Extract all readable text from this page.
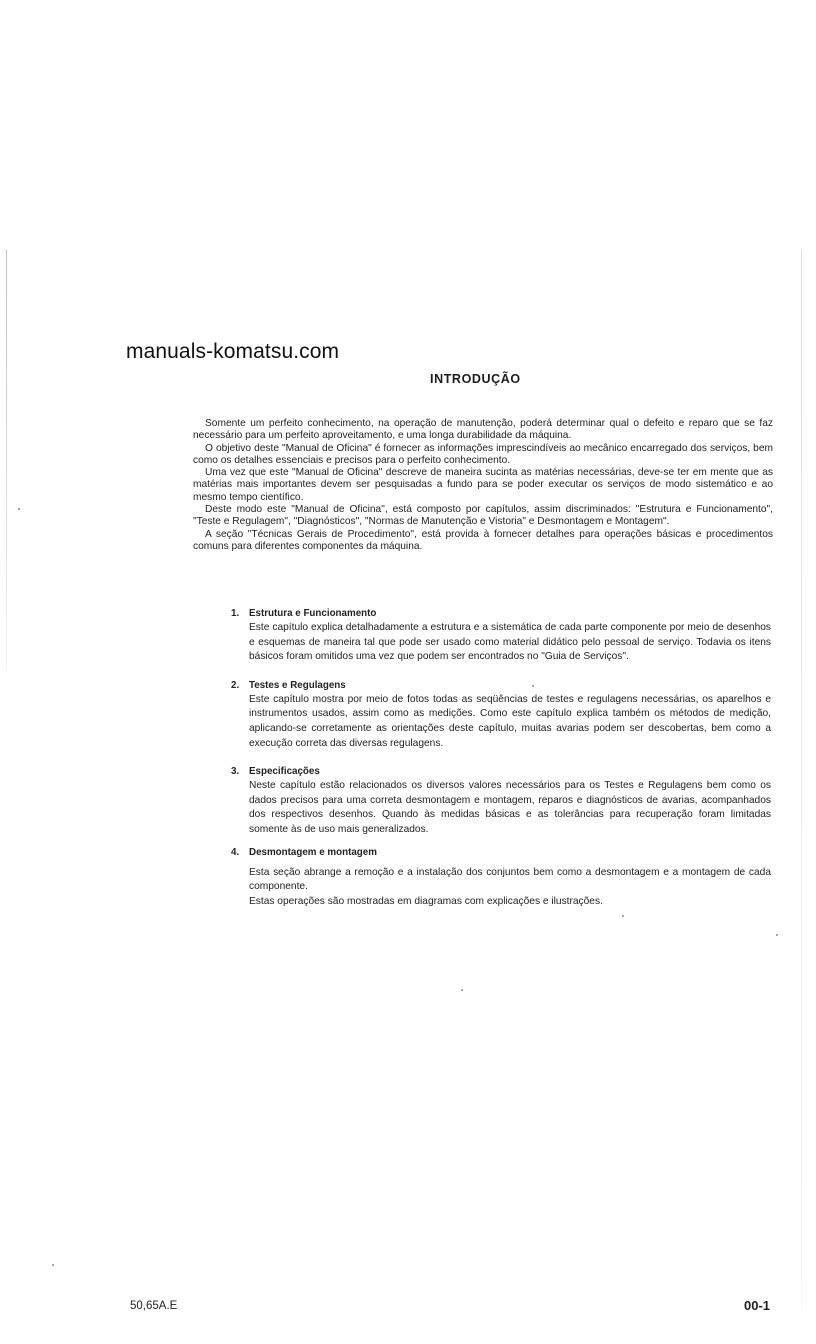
manuals-komatsu.com
INTRODUÇÃO

Somente um perfeito conhecimento, na operação de manutenção, poderá determinar qual o defeito e reparo que se faz necessário para um perfeito aproveitamento, e uma longa durabilidade da máquina.

O objetivo deste "Manual de Oficina" é fornecer as informações imprescindíveis ao mecânico encarregado dos serviços, bem como os detalhes essenciais e precisos para o perfeito conhecimento.

Uma vez que este "Manual de Oficina" descreve de maneira sucinta as matérias necessárias, deve-se ter em mente que as matérias mais importantes devem ser pesquisadas a fundo para se poder executar os serviços de modo sistemático e ao mesmo tempo científico.

Deste modo este "Manual de Oficina", está composto por capítulos, assim discriminados: "Estrutura e Funcionamento", "Teste e Regulagem", "Diagnósticos", "Normas de Manutenção e Vistoria" e Desmontagem e Montagem".

A seção "Técnicas Gerais de Procedimento", está provida à fornecer detalhes para operações básicas e procedimentos comuns para diferentes componentes da máquina.

1.	Estrutura e Funcionamento

Este capítulo explica detalhadamente a estrutura e a sistemática de cada parte componente por meio de desenhos e esquemas de maneira tal que pode ser usado como material didático pelo pessoal de serviço. Todavia os itens básicos foram omitidos uma vez que podem ser encontrados no "Guia de Serviços".

2.	Testes e Regulagens

Este capítulo mostra por meio de fotos todas as seqüências de testes e regulagens necessárias, os aparelhos e instrumentos usados, assim como as medições. Como este capítulo explica também os métodos de medição, aplicando-se corretamente as orientações deste capítulo, muitas avarias podem ser descobertas, bem como a execução correta das diversas regulagens.

3.	Especificações

Neste capítulo estão relacionados os diversos valores necessários para os Testes e Regulagens bem como os dados precisos para uma correta desmontagem e montagem, reparos e diagnósticos de avarias, acompanhados dos respectivos desenhos. Quando às medidas básicas e as tolerâncias para recuperação foram limitadas somente às de uso mais generalizados.

4.	Desmontagem e montagem

Esta seção abrange a remoção e a instalação dos conjuntos bem como a desmontagem e a montagem de cada componente.

Estas operações são mostradas em diagramas com explicações e ilustrações.

50,65A.E	00-1
